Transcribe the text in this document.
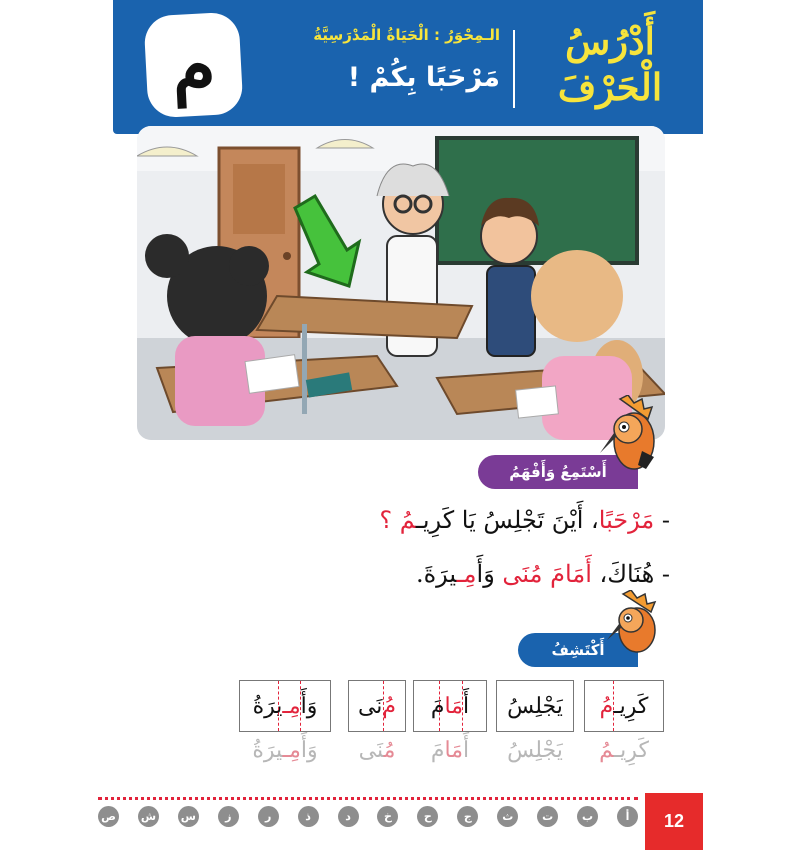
م	الـمِحْوَرُ : الْحَيَاةُ الْمَدْرَسِيَّةُ
مَرْحَبًا بِكُمْ !
أَدْرُسُ
الْحَرْفَ
أَسْتَمِعُ وَأَفْهَمُ
- مَرْحَبًا، أَيْنَ تَجْلِسُ يَا كَرِيـمُ ؟
- هُنَاكَ، أَمَامَ مُنَى وَأَمِـيرَةَ.
أَكْتَشِفُ
كَرِيـ
مُ
يَجْلِسُ
أَ
مَا
مَ
مُ
نَى
وَأَ
مِـ
يرَةُ
كَرِيـمُ
يَجْلِسُ
أَمَامَ
مُنَى
وَأَمِـيرَةُ
أ
ب
ت
ث
ج
ح
خ
د
ذ
ر
ز
س
ش
ص	12
